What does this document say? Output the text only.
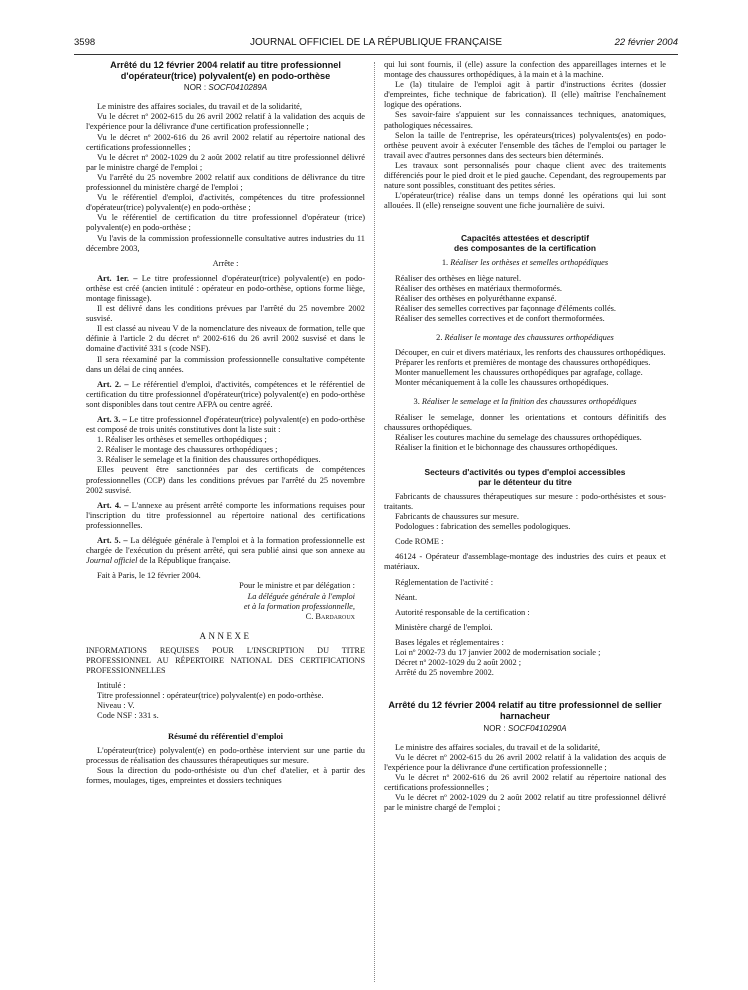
3598	JOURNAL OFFICIEL DE LA RÉPUBLIQUE FRANÇAISE	22 février 2004

Arrêté du 12 février 2004 relatif au titre professionnel d'opérateur(trice) polyvalent(e) en podo-orthèse

NOR : SOCF0410289A

Le ministre des affaires sociales, du travail et de la solidarité,

Vu le décret nº 2002-615 du 26 avril 2002 relatif à la validation des acquis de l'expérience pour la délivrance d'une certification professionnelle ;

Vu le décret nº 2002-616 du 26 avril 2002 relatif au répertoire national des certifications professionnelles ;

Vu le décret nº 2002-1029 du 2 août 2002 relatif au titre professionnel délivré par le ministre chargé de l'emploi ;

Vu l'arrêté du 25 novembre 2002 relatif aux conditions de délivrance du titre professionnel du ministère chargé de l'emploi ;

Vu le référentiel d'emploi, d'activités, compétences du titre professionnel d'opérateur(trice) polyvalent(e) en podo-orthèse ;

Vu le référentiel de certification du titre professionnel d'opérateur (trice) polyvalent(e) en podo-orthèse ;

Vu l'avis de la commission professionnelle consultative autres industries du 11 décembre 2003,

Arrête :

Art. 1er. – Le titre professionnel d'opérateur(trice) polyvalent(e) en podo-orthèse est créé (ancien intitulé : opérateur en podo-orthèse, options forme liège, montage finissage).

Il est délivré dans les conditions prévues par l'arrêté du 25 novembre 2002 susvisé.

Il est classé au niveau V de la nomenclature des niveaux de formation, telle que définie à l'article 2 du décret nº 2002-616 du 26 avril 2002 susvisé et dans le domaine d'activité 331 s (code NSF).

Il sera réexaminé par la commission professionnelle consultative compétente dans un délai de cinq années.

Art. 2. – Le référentiel d'emploi, d'activités, compétences et le référentiel de certification du titre professionnel d'opérateur(trice) polyvalent(e) en podo-orthèse sont disponibles dans tout centre AFPA ou centre agréé.

Art. 3. – Le titre professionnel d'opérateur(trice) polyvalent(e) en podo-orthèse est composé de trois unités constitutives dont la liste suit :

1. Réaliser les orthèses et semelles orthopédiques ;

2. Réaliser le montage des chaussures orthopédiques ;

3. Réaliser le semelage et la finition des chaussures orthopédiques.

Elles peuvent être sanctionnées par des certificats de compétences professionnelles (CCP) dans les conditions prévues par l'arrêté du 25 novembre 2002 susvisé.

Art. 4. – L'annexe au présent arrêté comporte les informations requises pour l'inscription du titre professionnel au répertoire national des certifications professionnelles.

Art. 5. – La déléguée générale à l'emploi et à la formation professionnelle est chargée de l'exécution du présent arrêté, qui sera publié ainsi que son annexe au Journal officiel de la République française.

Fait à Paris, le 12 février 2004.

Pour le ministre et par délégation :

La déléguée générale à l'emploi

et à la formation professionnelle,

C. Bardaroux

ANNEXE

INFORMATIONS REQUISES POUR L'INSCRIPTION DU TITRE PROFESSIONNEL AU RÉPERTOIRE NATIONAL DES CERTIFICATIONS PROFESSIONNELLES

Intitulé :

Titre professionnel : opérateur(trice) polyvalent(e) en podo-orthèse.

Niveau : V.

Code NSF : 331 s.

Résumé du référentiel d'emploi

L'opérateur(trice) polyvalent(e) en podo-orthèse intervient sur une partie du processus de réalisation des chaussures thérapeutiques sur mesure.

Sous la direction du podo-orthésiste ou d'un chef d'atelier, et à partir des formes, moulages, tiges, empreintes et dossiers techniques

qui lui sont fournis, il (elle) assure la confection des appareillages internes et le montage des chaussures orthopédiques, à la main et à la machine.

Le (la) titulaire de l'emploi agit à partir d'instructions écrites (dossier d'empreintes, fiche technique de fabrication). Il (elle) maîtrise l'enchaînement logique des opérations.

Ses savoir-faire s'appuient sur les connaissances techniques, anatomiques, pathologiques nécessaires.

Selon la taille de l'entreprise, les opérateurs(trices) polyvalents(es) en podo-orthèse peuvent avoir à exécuter l'ensemble des tâches de l'emploi ou partager le travail avec d'autres personnes dans des secteurs bien déterminés.

Les travaux sont personnalisés pour chaque client avec des traitements différenciés pour le pied droit et le pied gauche. Cependant, des regroupements par nature sont possibles, constituant des petites séries.

L'opérateur(trice) réalise dans un temps donné les opérations qui lui sont allouées. Il (elle) renseigne souvent une fiche journalière de suivi.

Capacités attestées et descriptif
des composantes de la certification

1. Réaliser les orthèses et semelles orthopédiques

Réaliser des orthèses en liège naturel.

Réaliser des orthèses en matériaux thermoformés.

Réaliser des orthèses en polyuréthanne expansé.

Réaliser des semelles correctives par façonnage d'éléments collés.

Réaliser des semelles correctives et de confort thermoformées.

2. Réaliser le montage des chaussures orthopédiques

Découper, en cuir et divers matériaux, les renforts des chaussures orthopédiques.

Préparer les renforts et premières de montage des chaussures orthopédiques.

Monter manuellement les chaussures orthopédiques par agrafage, collage.

Monter mécaniquement à la colle les chaussures orthopédiques.

3. Réaliser le semelage et la finition des chaussures orthopédiques

Réaliser le semelage, donner les orientations et contours définitifs des chaussures orthopédiques.

Réaliser les coutures machine du semelage des chaussures orthopédiques.

Réaliser la finition et le bichonnage des chaussures orthopédiques.

Secteurs d'activités ou types d'emploi accessibles
par le détenteur du titre

Fabricants de chaussures thérapeutiques sur mesure : podo-orthésistes et sous-traitants.

Fabricants de chaussures sur mesure.

Podologues : fabrication des semelles podologiques.

Code ROME :

46124 - Opérateur d'assemblage-montage des industries des cuirs et peaux et matériaux.

Réglementation de l'activité :

Néant.

Autorité responsable de la certification :

Ministère chargé de l'emploi.

Bases légales et réglementaires :

Loi nº 2002-73 du 17 janvier 2002 de modernisation sociale ;

Décret nº 2002-1029 du 2 août 2002 ;

Arrêté du 25 novembre 2002.

Arrêté du 12 février 2004 relatif au titre professionnel de sellier harnacheur

NOR : SOCF0410290A

Le ministre des affaires sociales, du travail et de la solidarité,

Vu le décret nº 2002-615 du 26 avril 2002 relatif à la validation des acquis de l'expérience pour la délivrance d'une certification professionnelle ;

Vu le décret nº 2002-616 du 26 avril 2002 relatif au répertoire national des certifications professionnelles ;

Vu le décret nº 2002-1029 du 2 août 2002 relatif au titre professionnel délivré par le ministre chargé de l'emploi ;
